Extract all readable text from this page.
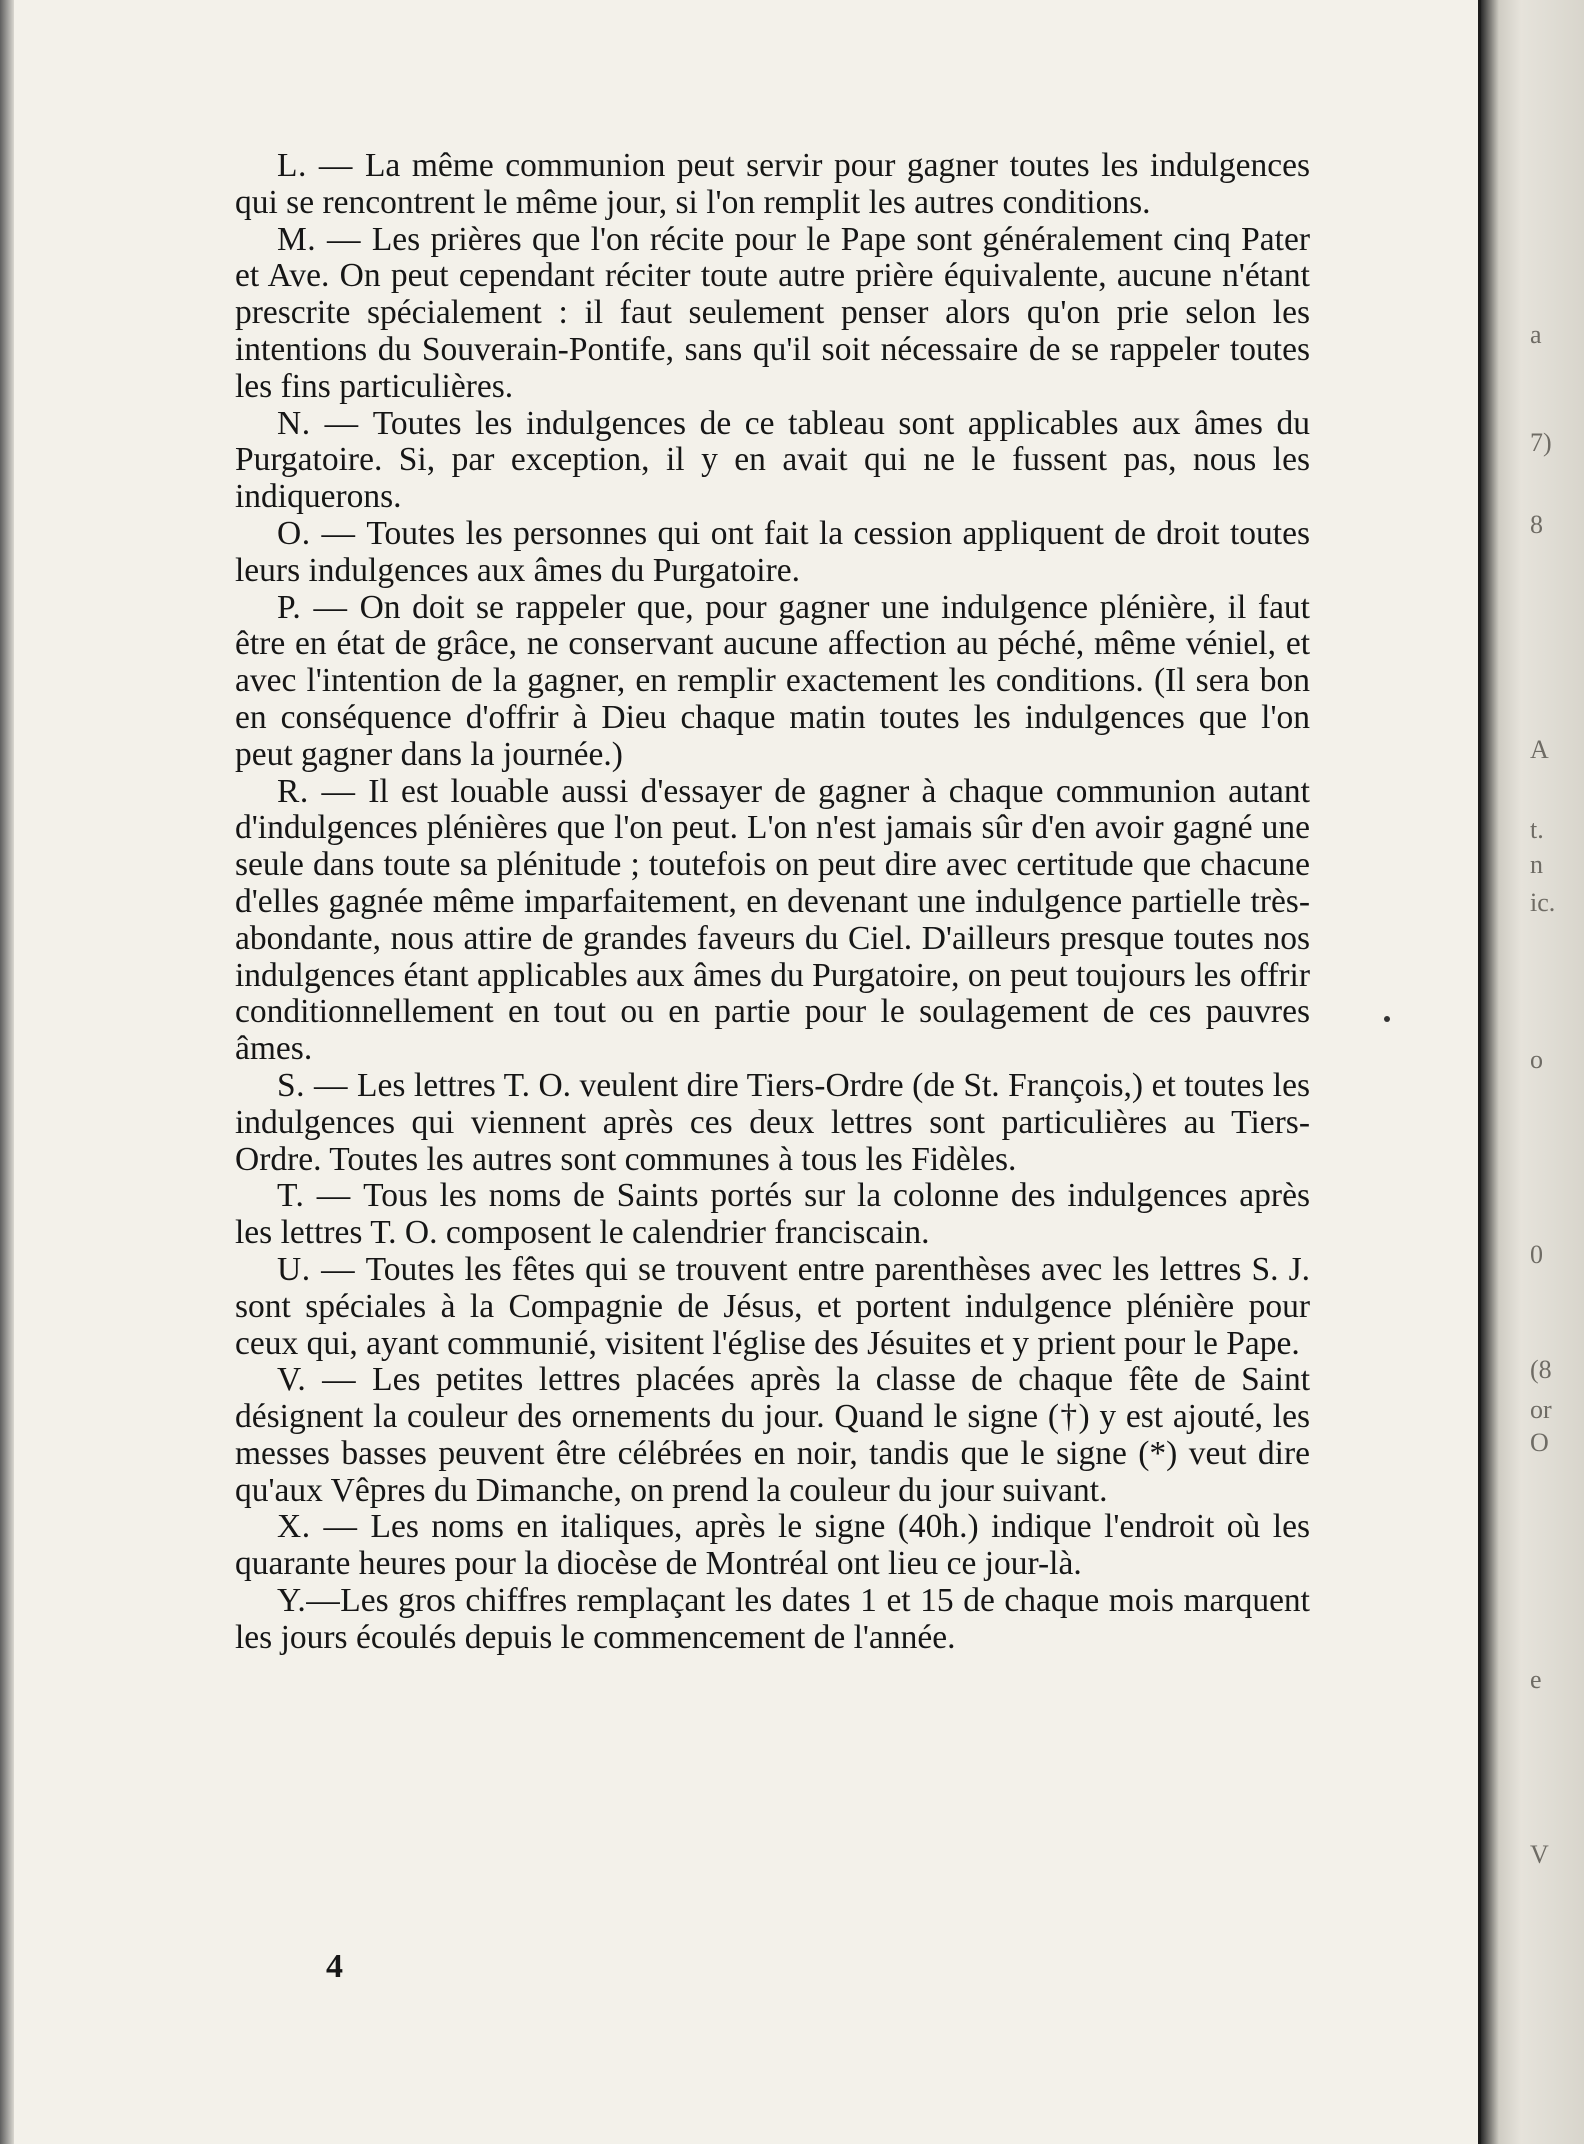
L. — La même communion peut servir pour gagner toutes les indulgences qui se rencontrent le même jour, si l'on remplit les autres conditions.

M. — Les prières que l'on récite pour le Pape sont généralement cinq Pater et Ave. On peut cependant réciter toute autre prière équivalente, aucune n'étant prescrite spécialement : il faut seulement penser alors qu'on prie selon les intentions du Souverain-Pontife, sans qu'il soit nécessaire de se rappeler toutes les fins particulières.

N. — Toutes les indulgences de ce tableau sont applicables aux âmes du Purgatoire. Si, par exception, il y en avait qui ne le fussent pas, nous les indiquerons.

O. — Toutes les personnes qui ont fait la cession appliquent de droit toutes leurs indulgences aux âmes du Purgatoire.

P. — On doit se rappeler que, pour gagner une indulgence plénière, il faut être en état de grâce, ne conservant aucune affection au péché, même véniel, et avec l'intention de la gagner, en remplir exactement les conditions. (Il sera bon en conséquence d'offrir à Dieu chaque matin toutes les indulgences que l'on peut gagner dans la journée.)

R. — Il est louable aussi d'essayer de gagner à chaque communion autant d'indulgences plénières que l'on peut. L'on n'est jamais sûr d'en avoir gagné une seule dans toute sa plénitude ; toutefois on peut dire avec certitude que chacune d'elles gagnée même imparfaitement, en devenant une indulgence partielle très-abondante, nous attire de grandes faveurs du Ciel. D'ailleurs presque toutes nos indulgences étant applicables aux âmes du Purgatoire, on peut toujours les offrir conditionnellement en tout ou en partie pour le soulagement de ces pauvres âmes.

S. — Les lettres T. O. veulent dire Tiers-Ordre (de St. François,) et toutes les indulgences qui viennent après ces deux lettres sont particulières au Tiers-Ordre. Toutes les autres sont communes à tous les Fidèles.

T. — Tous les noms de Saints portés sur la colonne des indulgences après les lettres T. O. composent le calendrier franciscain.

U. — Toutes les fêtes qui se trouvent entre parenthèses avec les lettres S. J. sont spéciales à la Compagnie de Jésus, et portent indulgence plénière pour ceux qui, ayant communié, visitent l'église des Jésuites et y prient pour le Pape.

V. — Les petites lettres placées après la classe de chaque fête de Saint désignent la couleur des ornements du jour. Quand le signe (†) y est ajouté, les messes basses peuvent être célébrées en noir, tandis que le signe (*) veut dire qu'aux Vêpres du Dimanche, on prend la couleur du jour suivant.

X. — Les noms en italiques, après le signe (40h.) indique l'endroit où les quarante heures pour la diocèse de Montréal ont lieu ce jour-là.

Y.—Les gros chiffres remplaçant les dates 1 et 15 de chaque mois marquent les jours écoulés depuis le commencement de l'année.

4
a
7)
8
A
t.
n
ic.
o
0
(8
or
O
e
V
